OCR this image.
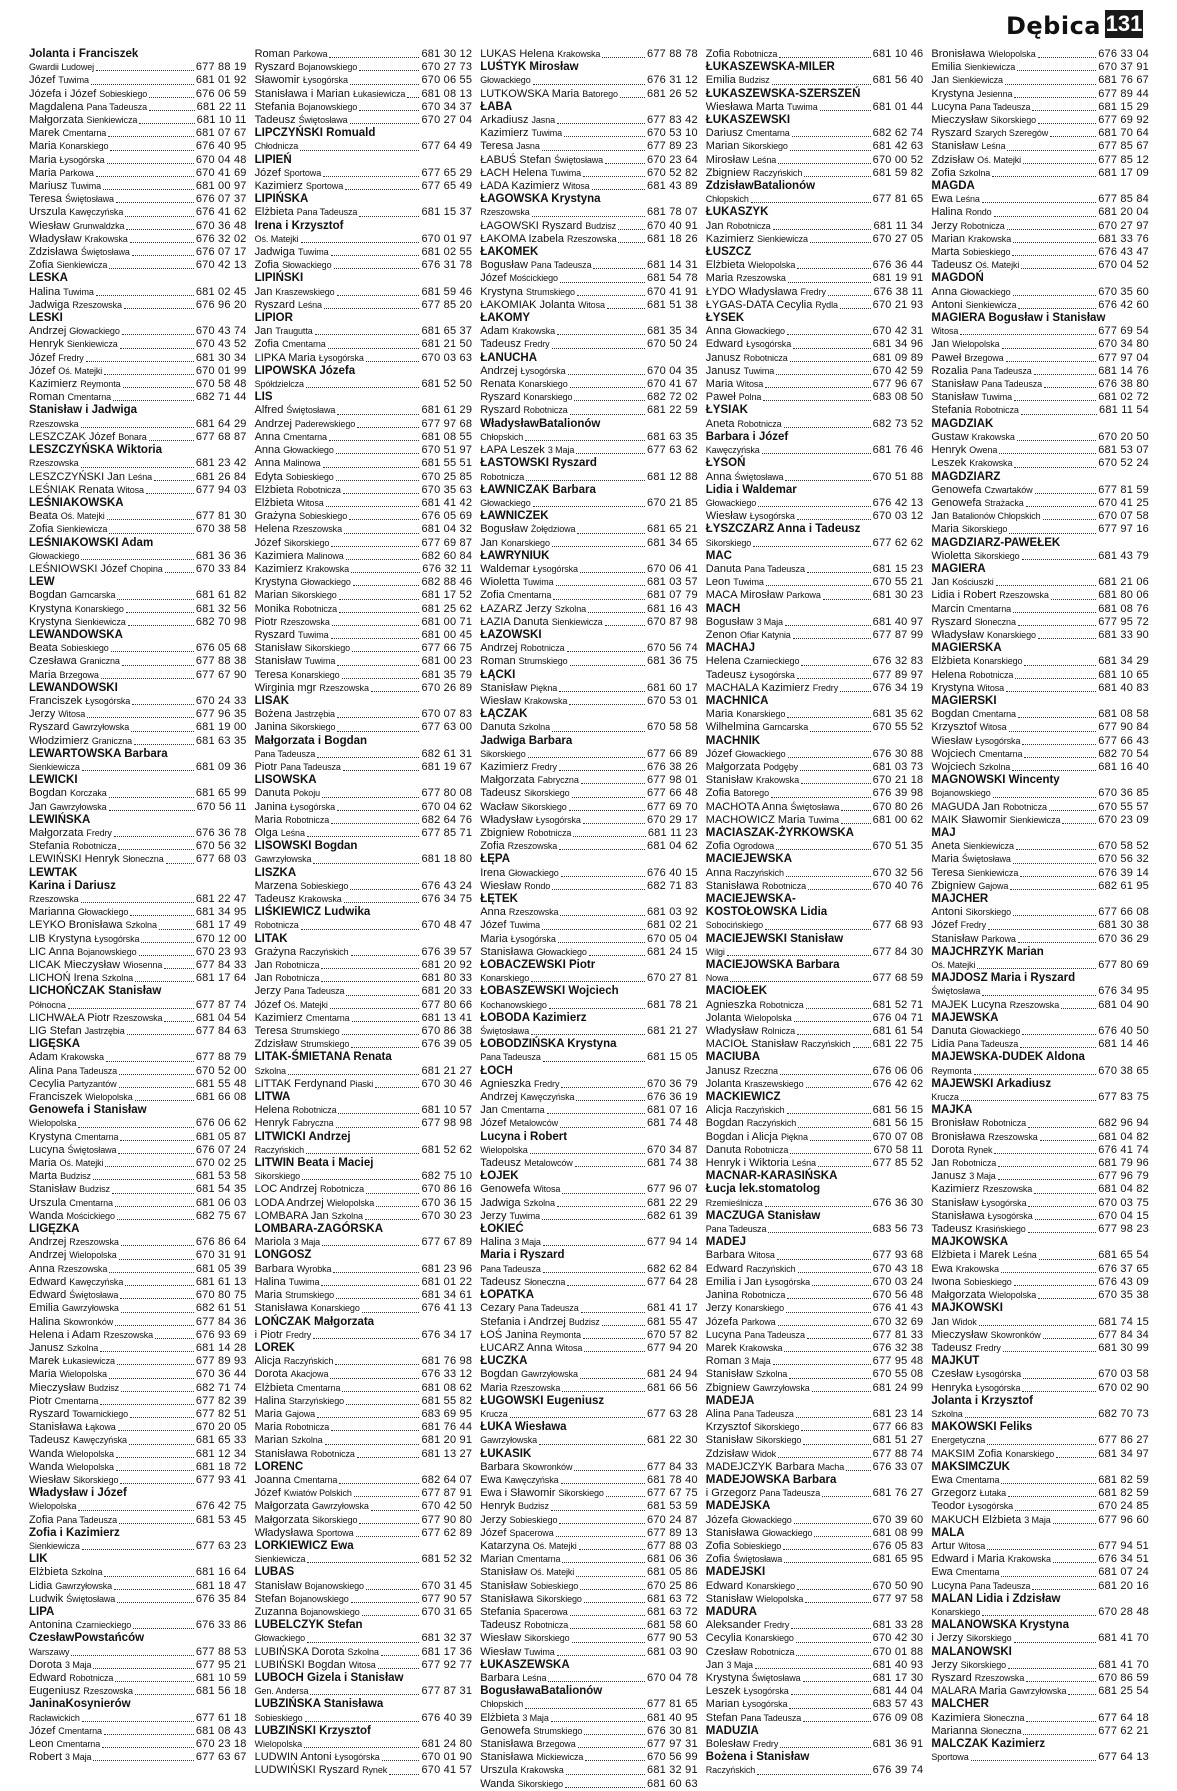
Dębica 131
Jolanta i Franciszek
Gwardii Ludowej	677 88 19
Józef Tuwima	681 01 92
Józefa i Józef Sobieskiego	676 06 59
Magdalena Pana Tadeusza	681 22 11
Małgorzata Sienkiewicza	681 10 11
Marek Cmentarna	681 07 67
Maria Konarskiego	676 40 95
Maria Łysogórska	670 04 48
Maria Parkowa	670 41 69
Mariusz Tuwima	681 00 97
Teresa Świętosława	676 07 37
Urszula Kawęczyńska	676 41 62
Wiesław Grunwaldzka	670 36 48
Władysław Krakowska	676 32 02
Zdzisława Świętosława	676 07 17
Zofia Sienkiewicza	670 42 13
LESKA
Halina Tuwima	681 02 45
Jadwiga Rzeszowska	676 96 20
LESKI
Andrzej Głowackiego	670 43 74
Henryk Sienkiewicza	670 43 52
Józef Fredry	681 30 34
Józef Oś. Matejki	670 01 99
Kazimierz Reymonta	670 58 48
Roman Cmentarna	682 71 44
Stanisław i Jadwiga
Rzeszowska	681 64 29
LESZCZAK Józef Bonara	677 68 87
LESZCZYŃSKA Wiktoria
Rzeszowska	681 23 42
LESZCZYŃSKI Jan Leśna	681 26 84
LEŚNIAK Renata Witosa	677 94 03
LEŚNIAKOWSKA
Beata Oś. Matejki	677 81 30
Zofia Sienkiewicza	670 38 58
LEŚNIAKOWSKI Adam
Głowackiego	681 36 36
LEŚNIOWSKI Józef Chopina	670 33 84
LEW
Bogdan Garncarska	681 61 82
Krystyna Konarskiego	681 32 56
Krystyna Sienkiewicza	682 70 98
LEWANDOWSKA
Beata Sobieskiego	676 05 68
Czesława Graniczna	677 88 38
Maria Brzegowa	677 67 90
LEWANDOWSKI
Franciszek Łysogórska	670 24 33
Jerzy Witosa	677 96 35
Ryszard Gawrzyłowska	681 19 00
Włodzimierz Graniczna	681 63 35
LEWARTOWSKA Barbara
Sienkiewicza	681 09 36
LEWICKI
Bogdan Korczaka	681 65 99
Jan Gawrzyłowska	670 56 11
LEWIŃSKA
Małgorzata Fredry	676 36 78
Stefania Robotnicza	670 56 32
LEWIŃSKI Henryk Słoneczna	677 68 03
LEWTAK
Karina i Dariusz
Rzeszowska	681 22 47
Marianna Głowackiego	681 34 95
LEYKO Bronisława Szkolna	681 17 49
LIB Krystyna Łysogórska	670 12 00
LIC Anna Bojanowskiego	670 23 93
LICAK Mieczysław Wiosenna	677 84 33
LICHOŃ Irena Szkolna	681 17 64
LICHOŃCZAK Stanisław
Północna	677 87 74
LICHWAŁA Piotr Rzeszowska	681 04 54
LIG Stefan Jastrzębia	677 84 63
LIGĘSKA
Adam Krakowska	677 88 79
Alina Pana Tadeusza	670 52 00
Cecylia Partyzantów	681 55 48
Franciszek Wielopolska	681 66 08
Genowefa i Stanisław
Wielopolska	676 06 62
Krystyna Cmentarna	681 05 87
Lucyna Świętosława	676 07 24
Maria Oś. Matejki	670 02 25
Marta Budzisz	681 53 58
Stanisław Budzisz	681 54 35
Urszula Cmentarna	681 06 03
Wanda Mościckiego	682 75 67
LIGĘZKA
Andrzej Rzeszowska	676 86 64
Andrzej Wielopolska	670 31 91
Anna Rzeszowska	681 05 39
Edward Kawęczyńska	681 61 13
Edward Świętosława	670 80 75
Emilia Gawrzyłowska	682 61 51
Halina Skowronków	677 84 36
Helena i Adam Rzeszowska	676 93 69
Janusz Szkolna	681 14 28
Marek Łukasiewicza	677 89 93
Maria Wielopolska	670 36 44
Mieczysław Budzisz	682 71 74
Piotr Cmentarna	677 82 39
Ryszard Towarnickiego	677 82 51
Stanisława Łąkowa	670 20 05
Tadeusz Kawęczyńska	681 65 33
Wanda Wielopolska	681 12 34
Wanda Wielopolska	681 18 72
Wiesław Sikorskiego	677 93 41
Władysław i Józef
Wielopolska	676 42 75
Zofia Pana Tadeusza	681 53 45
Zofia i Kazimierz
Sienkiewicza	677 63 23
LIK
Elżbieta Szkolna	681 16 64
Lidia Gawrzyłowska	681 18 47
Ludwik Świętosława	676 35 84
LIPA
Antonina Czarnieckiego	676 33 86
CzesławPowstańców
Warszawy	677 88 53
Dorota 3 Maja	677 95 21
Edward Robotnicza	681 10 59
Eugeniusz Rzeszowska	681 56 18
JaninaKosynierów
Racławickich	677 61 18
Józef Cmentarna	681 08 43
Leon Cmentarna	670 23 18
Robert 3 Maja	677 63 67
Roman Parkowa	681 30 12
Ryszard Bojanowskiego	670 27 73
Sławomir Łysogórska	670 06 55
Stanisława i Marian Łukasiewicza 681 08 13
Stefania Bojanowskiego	670 34 37
Tadeusz Świętosława	670 27 04
LIPCZYŃSKI Romuald
Chłodnicza	677 64 49
LIPIEŃ
Józef Sportowa	677 65 29
Kazimierz Sportowa	677 65 49
LIPIŃSKA
Elżbieta Pana Tadeusza	681 15 37
Irena i Krzysztof
Oś. Matejki	670 01 97
Jadwiga Tuwima	681 02 55
Zofia Słowackiego	676 31 78
LIPIŃSKI
Jan Kraszewskiego	681 59 46
Ryszard Leśna	677 85 20
LIPIOR
Jan Traugutta	681 65 37
Zofia Cmentarna	681 21 50
LIPKA Maria Łysogórska	670 03 63
LIPOWSKA Józefa
Spółdzielcza	681 52 50
LIS
Alfred Świętosława	681 61 29
Andrzej Paderewskiego	677 97 68
Anna Cmentarna	681 08 55
Anna Głowackiego	670 51 97
Anna Malinowa	681 55 51
Edyta Sobieskiego	670 25 85
Elżbieta Robotnicza	670 35 63
Elżbieta Witosa	681 41 42
Grażyna Sobieskiego	676 05 69
Helena Rzeszowska	681 04 32
Józef Sikorskiego	677 69 87
Kazimiera Malinowa	682 60 84
Kazimierz Krakowska	676 32 11
Krystyna Głowackiego	682 88 46
Marian Sikorskiego	681 17 52
Monika Robotnicza	681 25 62
Piotr Rzeszowska	681 00 71
Ryszard Tuwima	681 00 45
Stanisław Sikorskiego	677 66 75
Stanisław Tuwima	681 00 23
Teresa Konarskiego	681 35 79
Wirginia mgr Rzeszowska	670 26 89
LISAK
Bożena Jastrzębia	670 07 83
Janina Sikorskiego	677 63 00
Małgorzata i Bogdan
Pana Tadeusza	682 61 31
Piotr Pana Tadeusza	681 19 67
LISOWSKA
Danuta Pokoju	677 80 08
Janina Łysogórska	670 04 62
Maria Robotnicza	682 64 76
Olga Leśna	677 85 71
LISOWSKI Bogdan
Gawrzyłowska	681 18 80
LISZKA
Marzena Sobieskiego	676 43 24
Tadeusz Krakowska	676 34 75
LIŚKIEWICZ Ludwika
Robotnicza	670 48 47
LITAK
Grażyna Raczyńskich	676 39 57
Jan Robotnicza	681 20 92
Jan Robotnicza	681 80 33
Jerzy Pana Tadeusza	681 20 33
Józef Oś. Matejki	677 80 66
Kazimierz Cmentarna	681 13 41
Teresa Strumskiego	670 86 38
Zdzisław Strumskiego	676 39 05
LITAK-ŚMIETANA Renata
Szkolna	681 21 27
LITTAK Ferdynand Piaski	670 30 46
LITWA
Helena Robotnicza	681 10 57
Henryk Fabryczna	677 98 98
LITWICKI Andrzej
Raczyńskich	681 52 62
LITWIN Beata i Maciej
Sikorskiego	682 75 10
LOC Andrzej Robotnicza	670 86 16
LODA Andrzej Wielopolska	670 36 15
LOMBARA Jan Szkolna	670 30 23
LOMBARA-ZAGÓRSKA
Mariola 3 Maja	677 67 89
LONGOSZ
Barbara Wyrobka	681 23 96
Halina Tuwima	681 01 22
Maria Strumskiego	681 34 61
Stanisława Konarskiego	676 41 13
LOŃCZAK Małgorzata
i Piotr Fredry	676 34 17
LOREK
Alicja Raczyńskich	681 76 98
Dorota Akacjowa	676 33 12
Elżbieta Cmentarna	681 08 62
Halina Starzyńskiego	681 55 82
Maria Gajowa	683 69 95
Maria Robotnicza	681 76 44
Marian Szkolna	681 20 91
Stanisława Robotnicza	681 13 27
LORENC
Joanna Cmentarna	682 64 07
Józef Kwiatów Polskich	677 87 91
Małgorzata Gawrzyłowska	670 42 50
Małgorzata Sikorskiego	677 90 80
Władysława Sportowa	677 62 89
LORKIEWICZ Ewa
Sienkiewicza	681 52 32
LUBAS
Stanisław Bojanowskiego	670 31 45
Stefan Bojanowskiego	677 90 57
Zuzanna Bojanowskiego	670 31 65
LUBELCZYK Stefan
Głowackiego	681 32 37
LUBIŃSKA Dorota Szkolna	681 17 36
LUBIŃSKI Bogdan Witosa	677 92 77
LUBOCH Gizela i Stanisław
Gen. Andersa	677 87 31
LUBZIŃSKA Stanisława
Sobieskiego	676 40 39
LUBZIŃSKI Krzysztof
Wielopolska	681 24 80
LUDWIN Antoni Łysogórska	670 01 90
LUDWIŃSKI Ryszard Rynek	670 41 57
LUKAS Helena Krakowska	677 88 78
LUŚTYK Mirosław
Głowackiego	676 31 12
LUTKOWSKA Maria Batorego	681 26 52
ŁABA
Arkadiusz Jasna	677 83 42
Kazimierz Tuwima	670 53 10
Teresa Jasna	677 89 23
ŁABUŚ Stefan Świętosława	670 23 64
ŁACH Helena Tuwima	670 52 82
ŁADA Kazimierz Witosa	681 43 89
ŁAGOWSKA Krystyna
Rzeszowska	681 78 07
ŁAGOWSKI Ryszard Budzisz	670 40 91
ŁAKOMA Izabela Rzeszowska	681 18 26
ŁAKOMEK
Bogusław Pana Tadeusza	681 14 31
Józef Mościckiego	681 54 78
Krystyna Strumskiego	670 41 91
ŁAKOMIAK Jolanta Witosa	681 51 38
ŁAKOMY
Adam Krakowska	681 35 34
Tadeusz Fredry	670 50 24
ŁANUCHA
Andrzej Łysogórska	670 04 35
Renata Konarskiego	670 41 67
Ryszard Konarskiego	682 72 02
Ryszard Robotnicza	681 22 59
WładysławBatalionów
Chłopskich	681 63 35
ŁAPA Leszek 3 Maja	677 63 62
ŁASTOWSKI Ryszard
Robotnicza	681 12 88
ŁAWNICZAK Barbara
Głowackiego	670 21 85
ŁAWNICZEK
Bogusław Żołędziowa	681 65 21
Jan Konarskiego	681 34 65
ŁAWRYNIUK
Waldemar Łysogórska	670 06 41
Wioletta Tuwima	681 03 57
Zofia Cmentarna	681 07 79
ŁAZARZ Jerzy Szkolna	681 16 43
ŁAZIA Danuta Sienkiewicza	670 87 98
ŁAZOWSKI
Andrzej Robotnicza	670 56 74
Roman Strumskiego	681 36 75
ŁĄCKI
Stanisław Piękna	681 60 17
Wiesław Krakowska	670 53 01
ŁĄCZAK
Danuta Szkolna	670 58 58
Jadwiga Barbara
Sikorskiego	677 66 89
Kazimierz Fredry	676 38 26
Małgorzata Fabryczna	677 98 01
Tadeusz Sikorskiego	677 66 48
Wacław Sikorskiego	677 69 70
Władysław Łysogórska	670 29 17
Zbigniew Robotnicza	681 11 23
Zofia Rzeszowska	681 04 62
ŁĘPA
Irena Głowackiego	676 40 15
Wiesław Rondo	682 71 83
ŁĘTEK
Anna Rzeszowska	681 03 92
Józef Tuwima	681 02 21
Maria Łysogórska	670 05 04
Stanisława Głowackiego	681 24 15
ŁOBACZEWSKI Piotr
Konarskiego	670 27 81
ŁOBASZEWSKI Wojciech
Kochanowskiego	681 78 21
ŁOBODA Kazimierz
Świętosława	681 21 27
ŁOBODZIŃSKA Krystyna
Pana Tadeusza	681 15 05
ŁOCH
Agnieszka Fredry	670 36 79
Andrzej Kawęczyńska	676 36 19
Jan Cmentarna	681 07 16
Józef Metalowców	681 74 48
Lucyna i Robert
Wielopolska	670 34 87
Tadeusz Metalowców	681 74 38
ŁOJEK
Genowefa Witosa	677 96 07
Jadwiga Szkolna	681 22 29
Jerzy Tuwima	682 61 39
ŁOKIEĆ
Halina 3 Maja	677 94 14
Maria i Ryszard
Pana Tadeusza	682 62 84
Tadeusz Słoneczna	677 64 28
ŁOPATKA
Cezary Pana Tadeusza	681 41 17
Stefania i Andrzej Budzisz	681 55 47
ŁOŚ Janina Reymonta	670 57 82
ŁUCARZ Anna Witosa	677 94 20
ŁUCZKA
Bogdan Gawrzyłowska	681 24 94
Maria Rzeszowska	681 66 56
ŁUGOWSKI Eugeniusz
Krucza	677 63 28
ŁUKA Wiesława
Gawrzyłowska	681 22 30
ŁUKASIK
Barbara Skowronków	677 84 33
Ewa Kawęczyńska	681 78 40
Ewa i Sławomir Sikorskiego	677 67 75
Henryk Budzisz	681 53 59
Jerzy Sobieskiego	670 24 87
Józef Spacerowa	677 89 13
Katarzyna Oś. Matejki	677 88 03
Marian Cmentarna	681 06 36
Stanisław Oś. Matejki	681 05 86
Stanisław Sobieskiego	670 25 86
Stanisława Sikorskiego	681 63 72
Stefania Spacerowa	681 63 72
Tadeusz Robotnicza	681 58 60
Wiesław Sikorskiego	677 90 53
Wiesław Tuwima	681 03 90
ŁUKASZEWSKA
Barbara Leśna	670 04 78
BogusławaBatalionów
Chłopskich	677 81 65
Elżbieta 3 Maja	681 40 95
Genowefa Strumskiego	676 30 81
Stanisława Brzegowa	677 97 31
Stanisława Mickiewicza	670 56 99
Urszula Krakowska	681 32 91
Wanda Sikorskiego	681 60 63
Zofia Robotnicza	681 10 46
ŁUKASZEWSKA-MILER
Emilia Budzisz	681 56 40
ŁUKASZEWSKA-SZERSZEŃ
Wiesława Marta Tuwima	681 01 44
ŁUKASZEWSKI
Dariusz Cmentarna	682 62 74
Marian Sikorskiego	681 42 63
Mirosław Leśna	670 00 52
Zbigniew Raczyńskich	681 59 82
ZdzisławBatalionów
Chłopskich	677 81 65
ŁUKASZYK
Jan Robotnicza	681 11 34
Kazimierz Sienkiewicza	670 27 05
ŁUSZCZ
Elżbieta Wielopolska	676 36 44
Maria Rzeszowska	681 19 91
ŁYDO Władysława Fredry	676 38 11
ŁYGAS-DATA Cecylia Rydla	670 21 93
ŁYSEK
Anna Głowackiego	670 42 31
Edward Łysogórska	681 34 96
Janusz Robotnicza	681 09 89
Janusz Tuwima	670 42 59
Maria Witosa	677 96 67
Paweł Polna	683 08 50
ŁYSIAK
Aneta Robotnicza	682 73 52
Barbara i Józef
Kawęczyńska	681 76 46
ŁYSOŃ
Anna Świętosława	670 51 88
Lidia i Waldemar
Głowackiego	676 42 13
Wiesław Łysogórska	670 03 12
ŁYSZCZARZ Anna i Tadeusz
Sikorskiego	677 62 62
MAC
Danuta Pana Tadeusza	681 15 23
Leon Tuwima	670 55 21
MACA Mirosław Parkowa	681 30 23
MACH
Bogusław 3 Maja	681 40 97
Zenon Ofiar Katynia	677 87 99
MACHAJ
Helena Czarnieckiego	676 32 83
Tadeusz Łysogórska	677 89 97
MACHALA Kazimierz Fredry	676 34 19
MACHNICA
Maria Konarskiego	681 35 62
Wilhelmina Garncarska	670 55 52
MACHNIK
Józef Głowackiego	676 30 88
Małgorzata Podgęby	681 03 73
Stanisław Krakowska	670 21 18
Zofia Batorego	676 39 98
MACHOTA Anna Świętosława	670 80 26
MACHOWICZ Maria Tuwima	681 00 62
MACIASZAK-ŻYRKOWSKA
Zofia Ogrodowa	670 51 35
MACIEJEWSKA
Anna Raczyńskich	670 32 56
Stanisława Robotnicza	670 40 76
MACIEJEWSKA-
KOSTOŁOWSKA Lidia
Sobocińskiego	677 68 93
MACIEJEWSKI Stanisław
Wilgi	677 84 30
MACIEJOWSKA Barbara
Nowa	677 68 59
MACIOŁEK
Agnieszka Robotnicza	681 52 71
Jolanta Wielopolska	676 04 71
Władysław Rolnicza	681 61 54
MACIOŁ Stanisław Raczyńskich 681 22 75
MACIUBA
Janusz Rzeczna	676 06 06
Jolanta Kraszewskiego	676 42 62
MACKIEWICZ
Alicja Raczyńskich	681 56 15
Bogdan Raczyńskich	681 56 15
Bogdan i Alicja Piękna	670 07 08
Danuta Robotnicza	670 58 11
Henryk i Wiktoria Leśna	677 85 52
MACNAR-KARASIŃSKA
Łucja lek.stomatolog
Rzemieślnicza	676 36 30
MACZUGA Stanisław
Pana Tadeusza	683 56 73
MADEJ
Barbara Witosa	677 93 68
Edward Raczyńskich	670 43 18
Emilia i Jan Łysogórska	670 03 24
Janina Robotnicza	670 56 48
Jerzy Konarskiego	676 41 43
Józefa Parkowa	670 32 69
Lucyna Pana Tadeusza	677 81 33
Marek Krakowska	676 32 38
Roman 3 Maja	677 95 48
Stanisław Szkolna	670 55 08
Zbigniew Gawrzyłowska	681 24 99
MADEJA
Alina Pana Tadeusza	681 23 14
Krzysztof Sikorskiego	677 66 83
Stanisław Sikorskiego	681 51 27
Zdzisław Widok	677 88 74
MADEJCZYK Barbara Macha	676 33 07
MADEJOWSKA Barbara
i Grzegorz Pana Tadeusza	681 76 27
MADEJSKA
Józefa Głowackiego	670 39 60
Stanisława Głowackiego	681 08 99
Zofia Sobieskiego	676 05 83
Zofia Świętosława	681 65 95
MADEJSKI
Edward Konarskiego	670 50 90
Stanisław Wielopolska	677 97 58
MADURA
Aleksander Fredry	681 33 28
Cecylia Konarskiego	670 42 30
Czesław Robotnicza	670 01 88
Jan 3 Maja	681 40 93
Krystyna Świętosława	681 17 30
Leszek Łysogórska	681 44 04
Marian Łysogórska	683 57 43
Stefan Pana Tadeusza	676 09 08
MADUZIA
Bolesław Fredry	681 36 91
Bożena i Stanisław
Raczyńskich	676 39 74
Bronisława Wielopolska	676 33 04
Emilia Sienkiewicza	670 37 91
Jan Sienkiewicza	681 76 67
Krystyna Jesienna	677 89 44
Lucyna Pana Tadeusza	681 15 29
Mieczysław Sikorskiego	677 69 92
Ryszard Szarych Szeregów	681 70 64
Stanisław Leśna	677 85 67
Zdzisław Oś. Matejki	677 85 12
Zofia Szkolna	681 17 09
MAGDA
Ewa Leśna	677 85 84
Halina Rondo	681 20 04
Jerzy Robotnicza	670 27 97
Marian Krakowska	681 33 76
Marta Sobieskiego	676 43 47
Tadeusz Oś. Matejki	670 04 52
MAGDOŃ
Anna Głowackiego	670 35 60
Antoni Sienkiewicza	676 42 60
MAGIERA Bogusław i Stanisław
Witosa	677 69 54
Jan Wielopolska	670 34 80
Paweł Brzegowa	677 97 04
Rozalia Pana Tadeusza	681 14 76
Stanisław Pana Tadeusza	676 38 80
Stanisław Tuwima	681 02 72
Stefania Robotnicza	681 11 54
MAGDZIAK
Gustaw Krakowska	670 20 50
Henryk Owena	681 53 07
Leszek Krakowska	670 52 24
MAGDZIARZ
Genowefa Czwartaków	677 81 59
Genowefa Strażacka	670 41 25
Jan Batalionów Chłopskich	670 07 58
Maria Sikorskiego	677 97 16
MAGDZIARZ-PAWEŁEK
Wioletta Sikorskiego	681 43 79
MAGIERA
Jan Kościuszki	681 21 06
Lidia i Robert Rzeszowska	681 80 06
Marcin Cmentarna	681 08 76
Ryszard Słoneczna	677 95 72
Władysław Konarskiego	681 33 90
MAGIERSKA
Elżbieta Konarskiego	681 34 29
Helena Robotnicza	681 10 65
Krystyna Witosa	681 40 83
MAGIERSKI
Bogdan Cmentarna	681 08 58
Krzysztof Witosa	677 90 84
Wiesław Łysogórska	677 66 43
Wojciech Cmentarna	682 70 54
Wojciech Szkolna	681 16 40
MAGNOWSKI Wincenty
Bojanowskiego	670 36 85
MAGUDA Jan Robotnicza	670 55 57
MAIK Sławomir Sienkiewicza	670 23 09
MAJ
Aneta Sienkiewicza	670 58 52
Maria Świętosława	670 56 32
Teresa Sienkiewicza	676 39 14
Zbigniew Gajowa	682 61 95
MAJCHER
Antoni Sikorskiego	677 66 08
Józef Fredry	681 30 38
Stanisław Parkowa	670 36 29
MAJCHRZYK Marian
Oś. Matejki	677 80 69
MAJDOSZ Maria i Ryszard
Świętosława	676 34 95
MAJEK Lucyna Rzeszowska	681 04 90
MAJEWSKA
Danuta Głowackiego	676 40 50
Lidia Pana Tadeusza	681 14 46
MAJEWSKA-DUDEK Aldona
Reymonta	670 38 65
MAJEWSKI Arkadiusz
Krucza	677 83 75
MAJKA
Bronisław Robotnicza	682 96 94
Bronisława Rzeszowska	681 04 82
Dorota Rynek	676 41 74
Jan Robotnicza	681 79 96
Janusz 3 Maja	677 96 79
Kazimierz Rzeszowska	681 04 82
Stanisław Łysogórska	670 03 75
Stanisława Łysogórska	670 04 15
Tadeusz Krasińskiego	677 98 23
MAJKOWSKA
Elżbieta i Marek Leśna	681 65 54
Ewa Krakowska	676 37 65
Iwona Sobieskiego	676 43 09
Małgorzata Wielopolska	670 35 38
MAJKOWSKI
Jan Widok	681 74 15
Mieczysław Skowronków	677 84 34
Tadeusz Fredry	681 30 99
MAJKUT
Czesław Łysogórska	670 03 58
Henryka Łysogórska	670 02 90
Jolanta i Krzysztof
Szkolna	682 70 73
MAKOWSKI Feliks
Energetyczna	677 86 27
MAKSIM Zofia Konarskiego	681 34 97
MAKSIMCZUK
Ewa Cmentarna	681 82 59
Grzegorz Łutaka	681 82 59
Teodor Łysogórska	670 24 85
MAKUCH Elżbieta 3 Maja	677 96 60
MALA
Artur Witosa	677 94 51
Edward i Maria Krakowska	676 34 51
Ewa Cmentarna	681 07 24
Lucyna Pana Tadeusza	681 20 16
MALAN Lidia i Zdzisław
Konarskiego	670 28 48
MALANOWSKA Krystyna
i Jerzy Sikorskiego	681 41 70
MALANOWSKI
Jerzy Sikorskiego	681 41 70
Ryszard Rzeszowska	670 86 59
MALARA Maria Gawrzyłowska	681 25 54
MALCHER
Kazimiera Słoneczna	677 64 18
Marianna Słoneczna	677 62 21
MALCZAK Kazimierz
Sportowa	677 64 13
